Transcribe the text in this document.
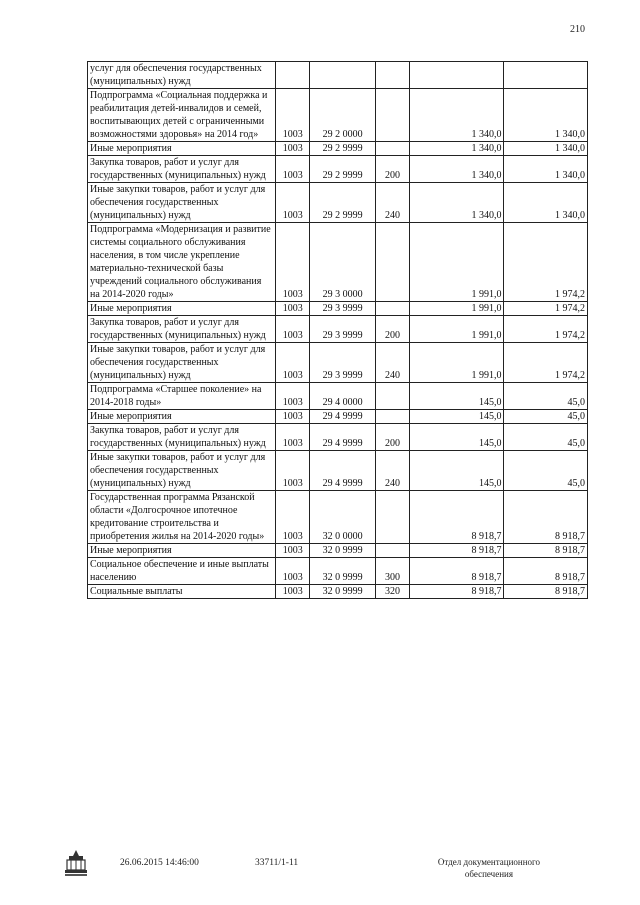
210
услуг для обеспечения государственных (муниципальных) нужд					
Подпрограмма «Социальная поддержка и реабилитация детей-инвалидов и семей, воспитывающих детей с ограниченными возможностями здоровья» на 2014 год»	1003	29 2 0000		1 340,0	1 340,0
Иные мероприятия	1003	29 2 9999		1 340,0	1 340,0
Закупка товаров, работ и услуг для государственных (муниципальных) нужд	1003	29 2 9999	200	1 340,0	1 340,0
Иные закупки товаров, работ и услуг для обеспечения государственных (муниципальных) нужд	1003	29 2 9999	240	1 340,0	1 340,0
Подпрограмма «Модернизация и развитие системы социального обслуживания населения, в том числе укрепление материально-технической базы учреждений социального обслуживания на 2014-2020 годы»	1003	29 3 0000		1 991,0	1 974,2
Иные мероприятия	1003	29 3 9999		1 991,0	1 974,2
Закупка товаров, работ и услуг для государственных (муниципальных) нужд	1003	29 3 9999	200	1 991,0	1 974,2
Иные закупки товаров, работ и услуг для обеспечения государственных (муниципальных) нужд	1003	29 3 9999	240	1 991,0	1 974,2
Подпрограмма «Старшее поколение» на 2014-2018 годы»	1003	29 4 0000		145,0	45,0
Иные мероприятия	1003	29 4 9999		145,0	45,0
Закупка товаров, работ и услуг для государственных (муниципальных) нужд	1003	29 4 9999	200	145,0	45,0
Иные закупки товаров, работ и услуг для обеспечения государственных (муниципальных) нужд	1003	29 4 9999	240	145,0	45,0
Государственная программа Рязанской области «Долгосрочное ипотечное кредитование строительства и приобретения жилья на 2014-2020 годы»	1003	32 0 0000		8 918,7	8 918,7
Иные мероприятия	1003	32 0 9999		8 918,7	8 918,7
Социальное обеспечение и иные выплаты населению	1003	32 0 9999	300	8 918,7	8 918,7
Социальные выплаты	1003	32 0 9999	320	8 918,7	8 918,7
26.06.2015 14:46:00	33711/1-11	Отдел документационного
обеспечения
